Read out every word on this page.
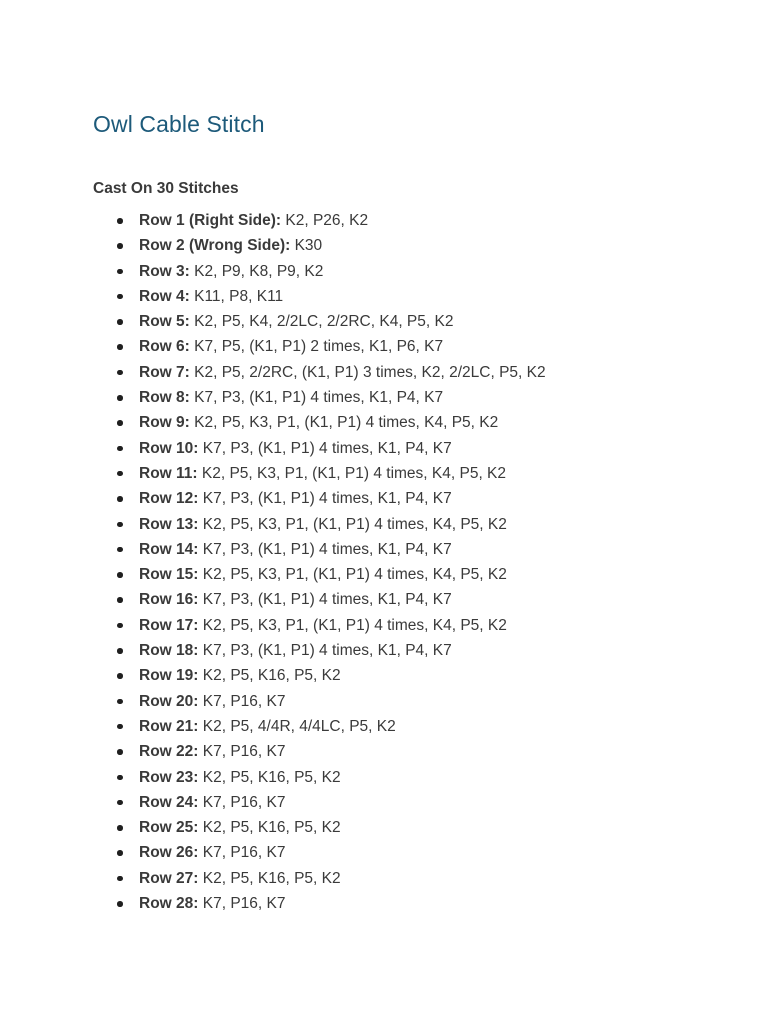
Owl Cable Stitch
Cast On 30 Stitches
Row 1 (Right Side): K2, P26, K2
Row 2 (Wrong Side): K30
Row 3: K2, P9, K8, P9, K2
Row 4: K11, P8, K11
Row 5: K2, P5, K4, 2/2LC, 2/2RC, K4, P5, K2
Row 6: K7, P5, (K1, P1) 2 times, K1, P6, K7
Row 7: K2, P5, 2/2RC, (K1, P1) 3 times, K2, 2/2LC, P5, K2
Row 8: K7, P3, (K1, P1) 4 times, K1, P4, K7
Row 9: K2, P5, K3, P1, (K1, P1) 4 times, K4, P5, K2
Row 10: K7, P3, (K1, P1) 4 times, K1, P4, K7
Row 11: K2, P5, K3, P1, (K1, P1) 4 times, K4, P5, K2
Row 12: K7, P3, (K1, P1) 4 times, K1, P4, K7
Row 13: K2, P5, K3, P1, (K1, P1) 4 times, K4, P5, K2
Row 14: K7, P3, (K1, P1) 4 times, K1, P4, K7
Row 15: K2, P5, K3, P1, (K1, P1) 4 times, K4, P5, K2
Row 16: K7, P3, (K1, P1) 4 times, K1, P4, K7
Row 17: K2, P5, K3, P1, (K1, P1) 4 times, K4, P5, K2
Row 18: K7, P3, (K1, P1) 4 times, K1, P4, K7
Row 19: K2, P5, K16, P5, K2
Row 20: K7, P16, K7
Row 21: K2, P5, 4/4R, 4/4LC, P5, K2
Row 22: K7, P16, K7
Row 23: K2, P5, K16, P5, K2
Row 24: K7, P16, K7
Row 25: K2, P5, K16, P5, K2
Row 26: K7, P16, K7
Row 27: K2, P5, K16, P5, K2
Row 28: K7, P16, K7
